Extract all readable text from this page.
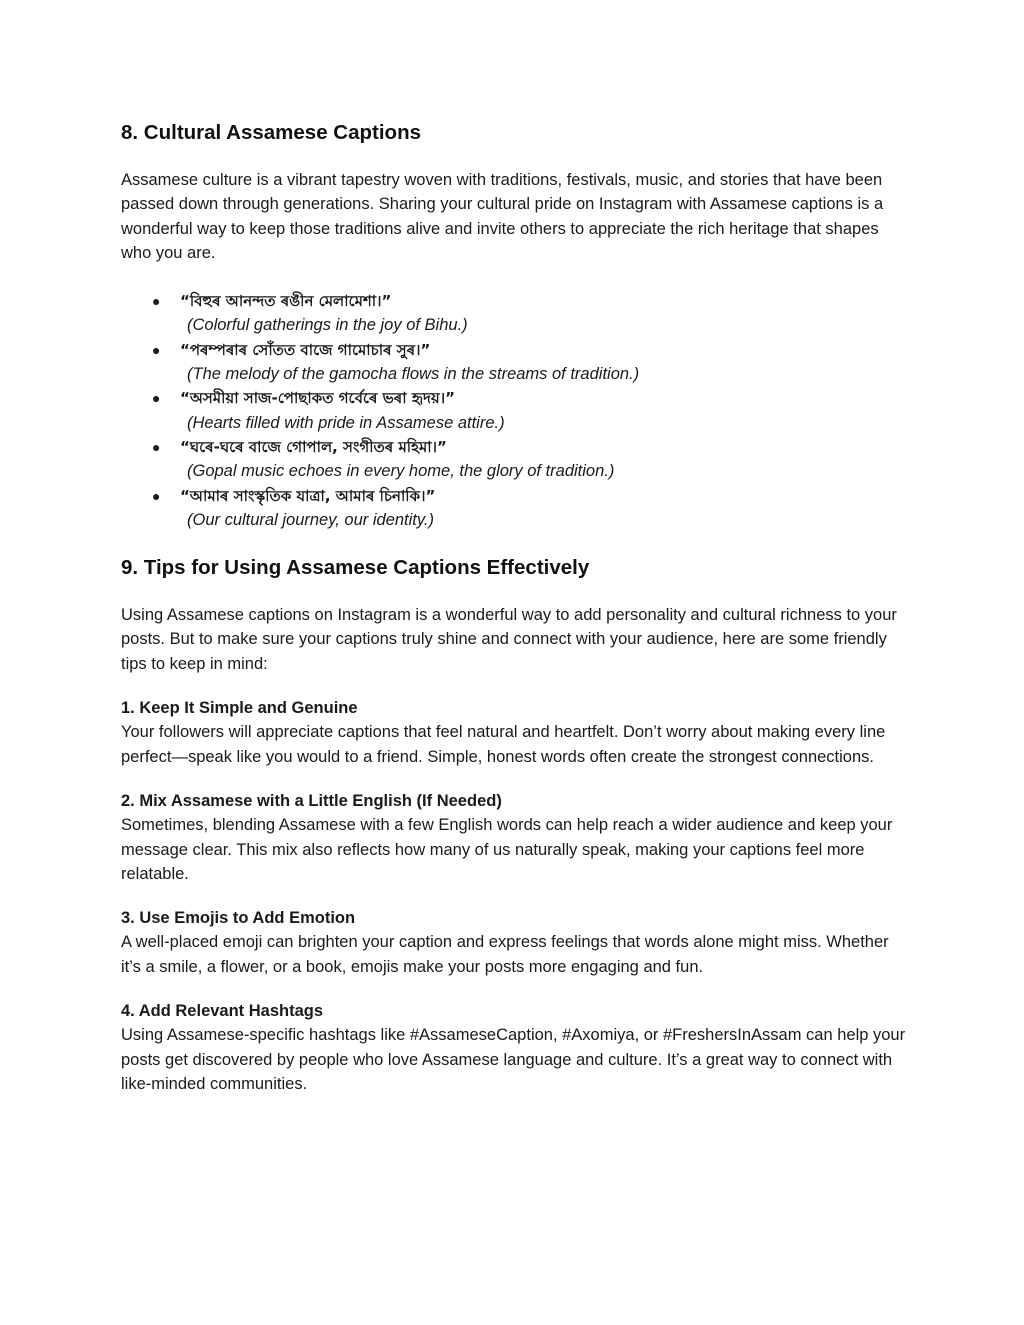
8. Cultural Assamese Captions

Assamese culture is a vibrant tapestry woven with traditions, festivals, music, and stories that have been passed down through generations. Sharing your cultural pride on Instagram with Assamese captions is a wonderful way to keep those traditions alive and invite others to appreciate the rich heritage that shapes who you are.

● “বিহুৰ আনন্দত ৰঙীন মেলামেশা।”
(Colorful gatherings in the joy of Bihu.)
● “পৰম্পৰাৰ সোঁতত বাজে গামোচাৰ সুৰ।”
(The melody of the gamocha flows in the streams of tradition.)
● “অসমীয়া সাজ-পোছাকত গৰ্বেৰে ভৰা হৃদয়।”
(Hearts filled with pride in Assamese attire.)
● “ঘৰে-ঘৰে বাজে গোপাল, সংগীতৰ মহিমা।”
(Gopal music echoes in every home, the glory of tradition.)
● “আমাৰ সাংস্কৃতিক যাত্ৰা, আমাৰ চিনাকি।”
(Our cultural journey, our identity.)
9. Tips for Using Assamese Captions Effectively

Using Assamese captions on Instagram is a wonderful way to add personality and cultural richness to your posts. But to make sure your captions truly shine and connect with your audience, here are some friendly tips to keep in mind:

1. Keep It Simple and Genuine
Your followers will appreciate captions that feel natural and heartfelt. Don’t worry about making every line perfect—speak like you would to a friend. Simple, honest words often create the strongest connections.
2. Mix Assamese with a Little English (If Needed)
Sometimes, blending Assamese with a few English words can help reach a wider audience and keep your message clear. This mix also reflects how many of us naturally speak, making your captions feel more relatable.
3. Use Emojis to Add Emotion
A well-placed emoji can brighten your caption and express feelings that words alone might miss. Whether it’s a smile, a flower, or a book, emojis make your posts more engaging and fun.
4. Add Relevant Hashtags
Using Assamese-specific hashtags like #AssameseCaption, #Axomiya, or #FreshersInAssam can help your posts get discovered by people who love Assamese language and culture. It’s a great way to connect with like-minded communities.
